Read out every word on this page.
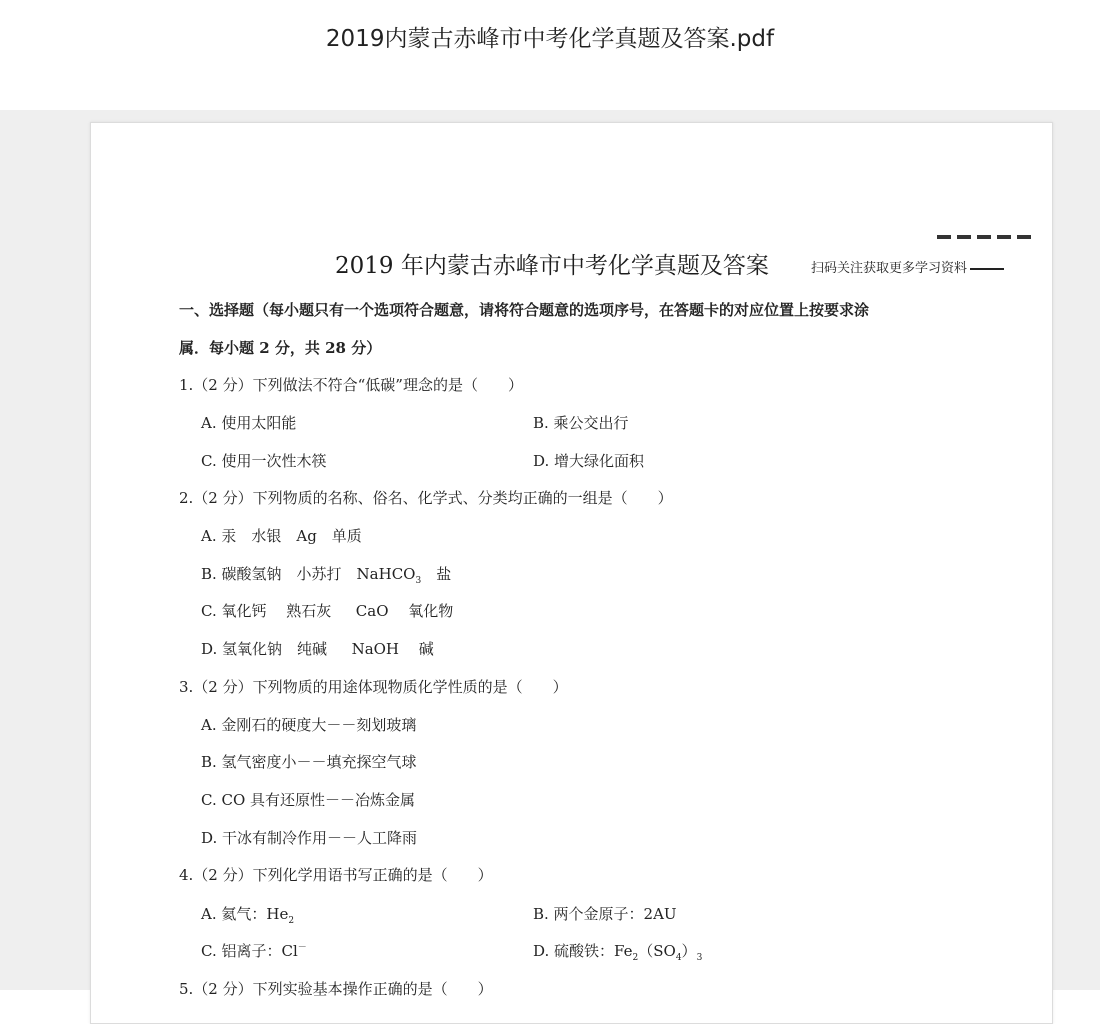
2019内蒙古赤峰市中考化学真题及答案.pdf
2019 年内蒙古赤峰市中考化学真题及答案	扫码关注获取更多学习资料
一、选择题（每小题只有一个选项符合题意，请将符合题意的选项序号，在答题卡的对应位置上按要求涂
属．每小题 2 分，共 28 分）
1.（2 分）下列做法不符合“低碳”理念的是（　　）
A. 使用太阳能	B. 乘公交出行
C. 使用一次性木筷	D. 增大绿化面积
2.（2 分）下列物质的名称、俗名、化学式、分类均正确的一组是（　　）
A. 汞　水银　Ag　单质
B. 碳酸氢钠　小苏打　NaHCO$_3$　盐
C. 氧化钙　 熟石灰 　 CaO　 氧化物
D. 氢氧化钠　纯碱 　 NaOH　 碱
3.（2 分）下列物质的用途体现物质化学性质的是（　　）
A. 金刚石的硬度大－－刻划玻璃
B. 氢气密度小－－填充探空气球
C. CO 具有还原性－－冶炼金属
D. 干冰有制冷作用－－人工降雨
4.（2 分）下列化学用语书写正确的是（　　）
A. 氦气：$He_2$	B. 两个金原子：2AU
C. 铝离子：Cl－	D. 硫酸铁：$Fe_2(SO_4)_3$
5.（2 分）下列实验基本操作正确的是（　　）
